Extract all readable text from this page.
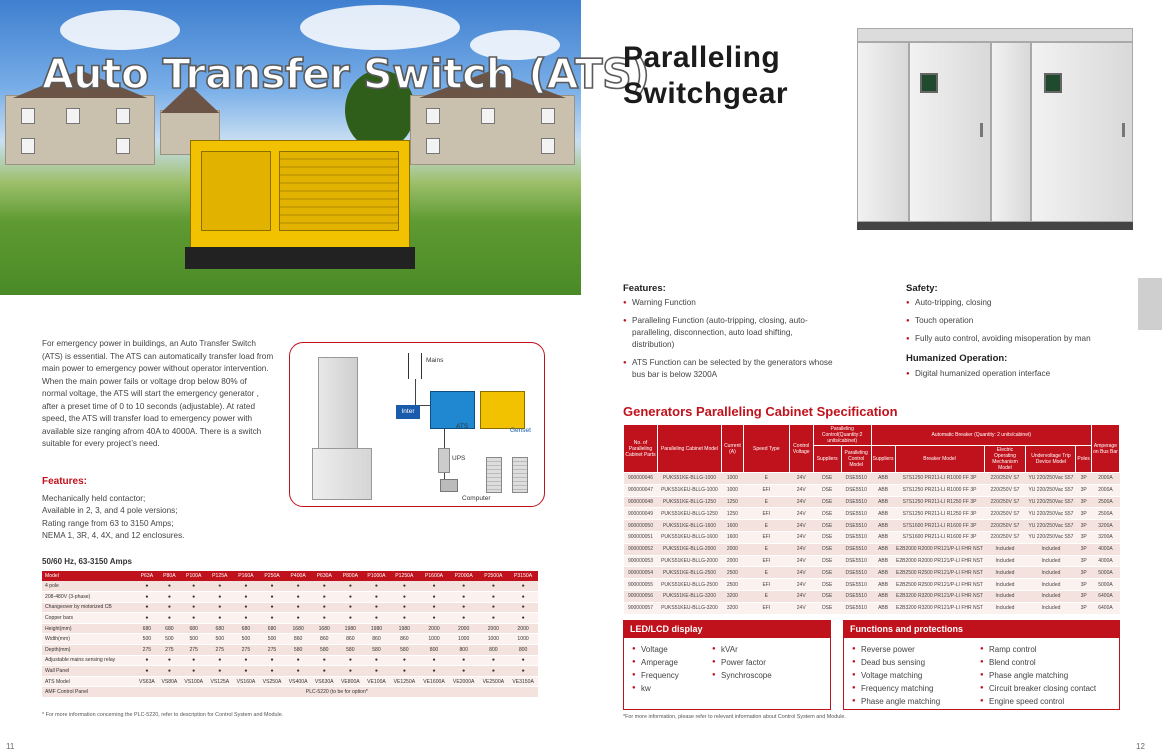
Auto Transfer Switch (ATS)

For emergency power in buildings, an Auto Transfer Switch (ATS) is essential. The ATS can automatically transfer load from main power to emergency power without operator intervention. When the main power fails or voltage drop below 80% of normal voltage, the ATS will start the emergency generator , after a preset time of 0 to 10 seconds (adjustable). At rated speed, the ATS will transfer load to emergency power with available size ranging afrom 40A to 4000A. There is a switch suitable for every project’s need.

Features:
Mechanically held contactor;
Available in 2, 3, and 4 pole versions;
Rating range from 63 to 3150 Amps;
NEMA 1, 3R, 4, 4X, and 12 enclosures.
Mains
Inter
ATS
Genset
UPS
Computer
50/60 Hz, 63-3150 Amps
Model	P63A	P80A	P100A	P125A	P160A	P250A	P400A	P630A	P800A	P1000A	P1250A	P1600A	P2000A	P2500A	P3150A
4 pole	●	●	●	●	●	●	●	●	●	●	●	●	●	●	●
208-480V (3-phase)	●	●	●	●	●	●	●	●	●	●	●	●	●	●	●
Changeover by motorized CB	●	●	●	●	●	●	●	●	●	●	●	●	●	●	●
Copper bars	●	●	●	●	●	●	●	●	●	●	●	●	●	●	●
Height(mm)	680	680	680	680	680	680	1680	1680	1980	1980	1980	2000	2000	2000	2000
Width(mm)	500	500	500	500	500	500	860	860	860	860	860	1000	1000	1000	1000
Depth(mm)	275	275	275	275	275	275	580	580	580	580	580	800	800	800	800
Adjustable mains sensing relay	●	●	●	●	●	●	●	●	●	●	●	●	●	●	●
Wall Panel	●	●	●	●	●	●	●	●	●	●	●	●	●	●	●
ATS Model	VS63A	VS80A	VS100A	VS125A	VS160A	VS250A	VS400A	VS630A	VE800A	VE100A	VE1250A	VE1600A	VE2000A	VE2500A	VE3150A
AMF Control Panel	PLC-5220 (to be for option*														
* For more information concerning the PLC-5220, refer to description for Control System and Module.
11
Paralleling
Switchgear
Features:
● Warning Function
● Paralleling Function (auto-tripping, closing, auto-paralleling, disconnection, auto load shifting, distribution)
● ATS Function can be selected by the generators whose bus bar is below 3200A
Safety:
● Auto-tripping, closing
● Touch operation
● Fully auto control, avoiding misoperation by man
Humanized Operation:
● Digital humanized operation interface
Generators Paralleling Cabinet Specification
No. of Paralleling Cabinet Parts	Paralleling Cabinet Model	Current (A)	Speed Type	Control Voltage	Paralleling Control(Quantity:2 units/cabinet)		Automatic Breaker (Quantity: 2 units/cabinet)					Amperage on Bus Bar
					Suppliers	Paralleling Control Model	Suppliers	Breaker Model	Electric Operating Mechanism Model	Undervoltage Trip Device Model	Poles	
900000046	PUKS51KE-BLLG-1000	1000	E	24V	DSE	DSE5510	ABB	S7S1250 PR211-LI R1000 FF 3P	220/250V S7	YU 220/250Vac S57	3P	2000A
900000047	PUKS51KEU-BLLG-1000	1000	EFI	24V	DSE	DSE5510	ABB	S7S1250 PR211-LI R1000 FF 3P	220/250V S7	YU 220/250Vac S57	3P	2000A
900000048	PUKS51KE-BLLG-1250	1250	E	24V	DSE	DSE5510	ABB	S7S1250 PR211-LI R1250 FF 3P	220/250V S7	YU 220/250Vac S57	3P	2500A
900000049	PUKS51KEU-BLLG-1250	1250	EFI	24V	DSE	DSE5510	ABB	S7S1250 PR211-LI R1250 FF 3P	220/250V S7	YU 220/250Vac S57	3P	2500A
900000050	PUKS51KE-BLLG-1600	1600	E	24V	DSE	DSE5510	ABB	S7S1600 PR211-LI R1600 FF 3P	220/250V S7	YU 220/250Vac S57	3P	3200A
900000051	PUKS51KEU-BLLG-1600	1600	EFI	24V	DSE	DSE5510	ABB	S7S1600 PR211-LI R1600 FF 3P	220/250V S7	YU 220/250Vac S57	3P	3200A
900000052	PUKS51KE-BLLG-2000	2000	E	24V	DSE	DSE5510	ABB	E2B2000 R2000 PR121/P-LI FHR NST	Included	Included	3P	4000A
900000053	PUKS51KEU-BLLG-2000	2000	EFI	24V	DSE	DSE5510	ABB	E2B2000 R2000 PR121/P-LI FHR NST	Included	Included	3P	4000A
900000054	PUKS51KE-BLLG-2500	2500	E	24V	DSE	DSE5510	ABB	E2B2500 R2500 PR121/P-LI FHR NST	Included	Included	3P	5000A
900000055	PUKS51KEU-BLLG-2500	2500	EFI	24V	DSE	DSE5510	ABB	E2B2500 R2500 PR121/P-LI FHR NST	Included	Included	3P	5000A
900000056	PUKS51KE-BLLG-3200	3200	E	24V	DSE	DSE5510	ABB	E2B3200 R3200 PR121/P-LI FHR NST	Included	Included	3P	6400A
900000057	PUKS51KEU-BLLG-3200	3200	EFI	24V	DSE	DSE5510	ABB	E2B3200 R3200 PR121/P-LI FHR NST	Included	Included	3P	6400A
LED/LCD display
● Voltage
● Amperage
● Frequency
● kw
● kVAr
● Power factor
● Synchroscope
Functions and protections
● Reverse power
● Dead bus sensing
● Voltage matching
● Frequency matching
● Phase angle matching
● Ramp control
● Blend control
● Phase angle matching
● Circuit breaker closing contact
● Engine speed control
*For more information, please refer to relevant information about Control System and Module.
12
